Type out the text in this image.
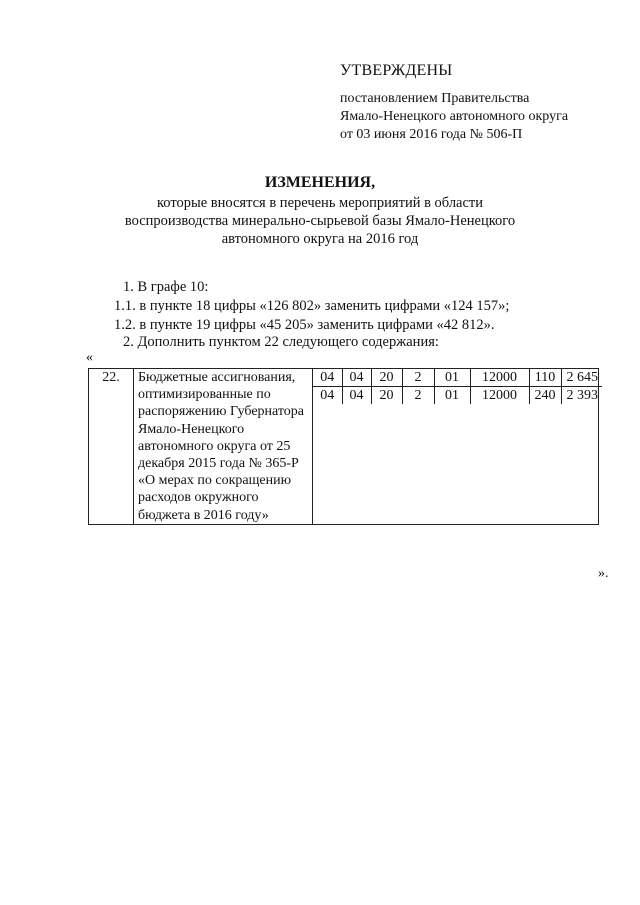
УТВЕРЖДЕНЫ
постановлением Правительства
Ямало-Ненецкого автономного округа
от 03 июня 2016 года № 506-П
ИЗМЕНЕНИЯ,
которые вносятся в перечень мероприятий в области
воспроизводства минерально-сырьевой базы Ямало-Ненецкого
автономного округа на 2016 год
1. В графе 10:
1.1. в пункте 18 цифры «126 802» заменить цифрами «124 157»;
1.2. в пункте 19 цифры «45 205» заменить цифрами «42 812».
2. Дополнить пунктом 22 следующего содержания:
«
22.	Бюджетные ассигнования, оптимизированные по распоряжению Губернатора Ямало-Ненецкого автономного округа от 25 декабря 2015 года № 365-Р «О мерах по сокращению расходов окружного бюджета в 2016 году»

04	04	20	2	01	12000	110	2 645
04	04	20	2	01	12000	240	2 393
».
